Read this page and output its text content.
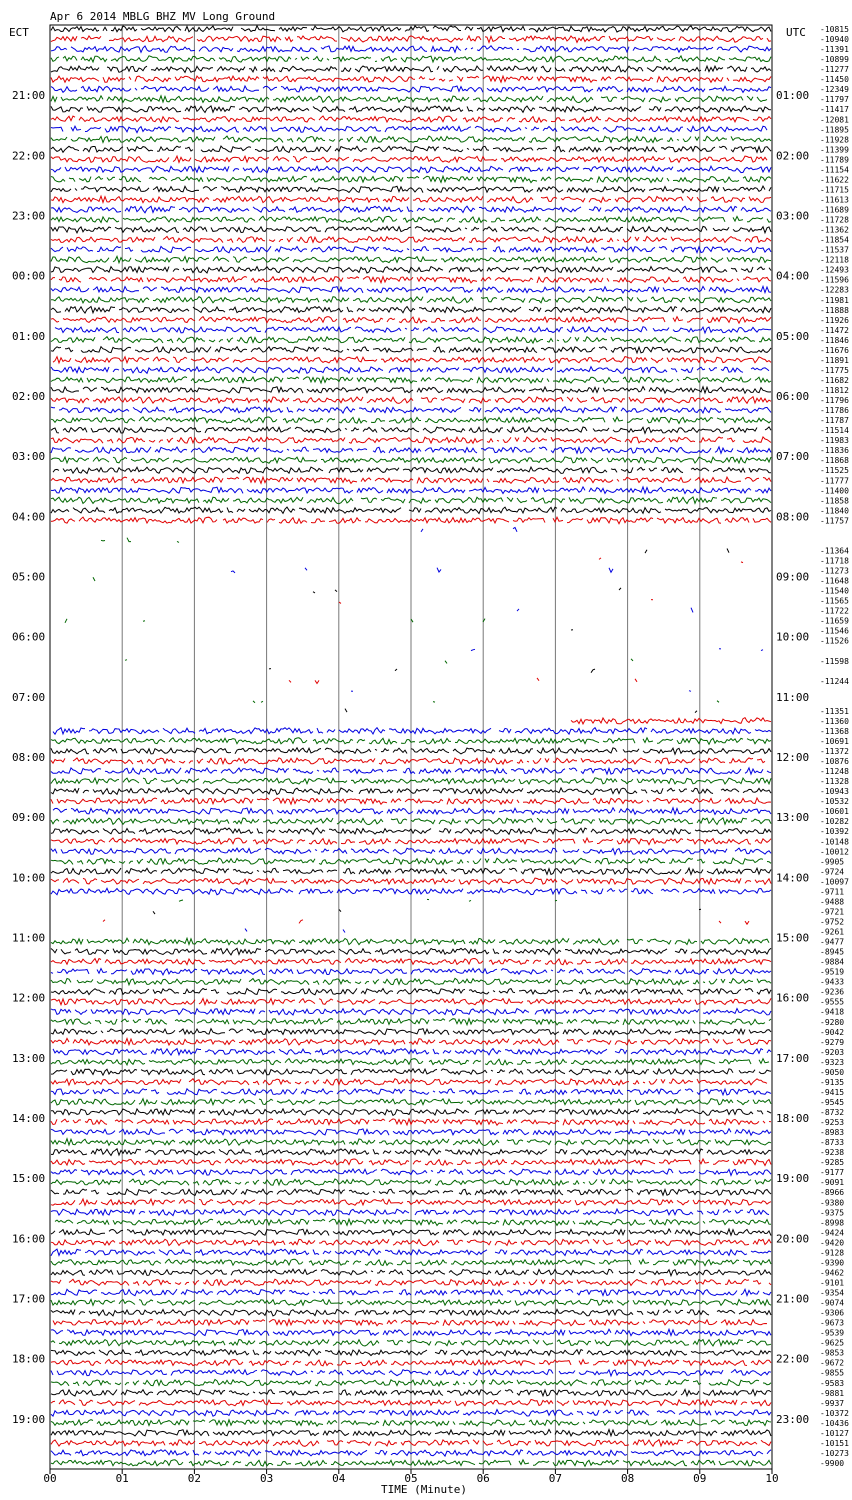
Apr 6 2014 MBLG BHZ MV Long Ground
ECT	UTC
21:00
22:00
23:00
00:00
01:00
02:00
03:00
04:00
05:00
06:00
07:00
08:00
09:00
10:00
11:00
12:00
13:00
14:00
15:00
16:00
17:00
18:00
19:00
01:00
02:00
03:00
04:00
05:00
06:00
07:00
08:00
09:00
10:00
11:00
12:00
13:00
14:00
15:00
16:00
17:00
18:00
19:00
20:00
21:00
22:00
23:00
-10815
-10940
-11391
-10899
-11277
-11450
-12349
-11797
-11417
-12081
-11895
-11928
-11399
-11789
-11154
-11622
-11715
-11613
-11689
-11728
-11362
-11854
-11537
-12118
-12493
-11596
-12283
-11981
-11888
-11926
-11472
-11846
-11676
-11891
-11775
-11682
-11812
-11796
-11786
-11787
-11514
-11983
-11836
-11868
-11525
-11777
-11400
-11858
-11840
-11757
-11364
-11718
-11273
-11648
-11540
-11565
-11722
-11659
-11546
-11526
-11598
-11244
-11351
-11360
-11368
-10691
-11372
-10876
-11248
-11328
-10943
-10532
-10601
-10282
-10392
-10148
-10012
-9905
-9724
-10097
-9711
-9488
-9721
-9752
-9261
-9477
-8945
-9884
-9519
-9433
-9236
-9555
-9418
-9280
-9042
-9279
-9203
-9323
-9050
-9135
-9415
-9545
-8732
-9253
-8983
-8733
-9238
-9285
-9177
-9091
-8966
-9380
-9375
-8998
-9424
-9420
-9128
-9390
-9462
-9101
-9354
-9074
-9306
-9673
-9539
-9625
-9853
-9672
-9855
-9583
-9881
-9937
-10372
-10436
-10127
-10151
-10273
-9900
00	01	02	03	04	05	06	07	08	09	10
TIME (Minute)
